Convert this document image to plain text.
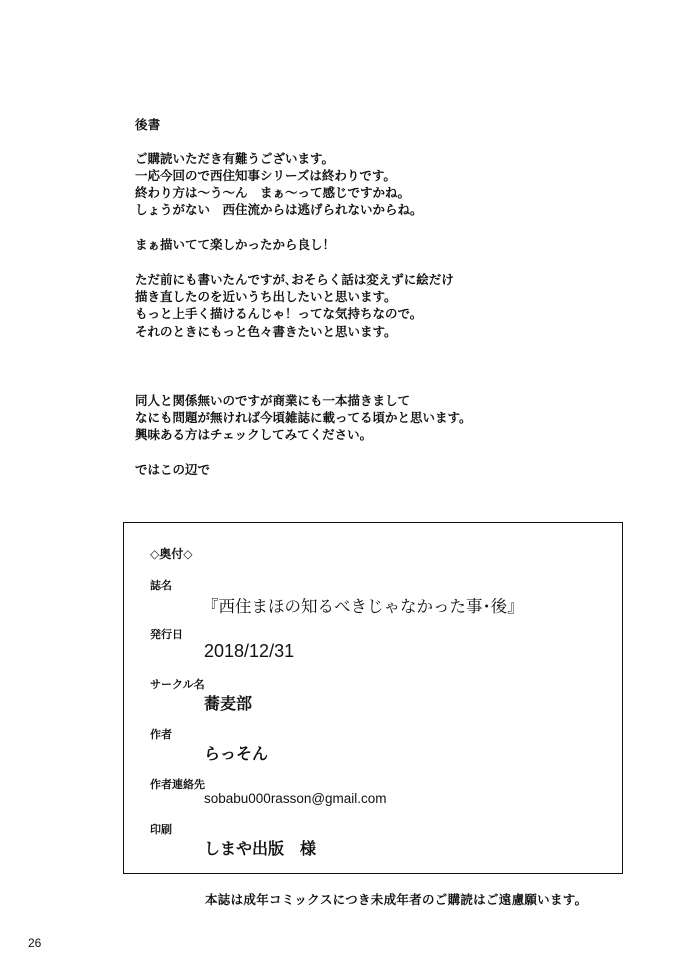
後書
ご購読いただき有難うございます。
一応今回ので西住知事シリーズは終わりです。
終わり方は〜う〜ん　まぁ〜って感じですかね。
しょうがない　西住流からは逃げられないからね。
まぁ描いてて楽しかったから良し！
ただ前にも書いたんですが､おそらく話は変えずに絵だけ
描き直したのを近いうち出したいと思います。
もっと上手く描けるんじゃ！ってな気持ちなので。
それのときにもっと色々書きたいと思います。
同人と関係無いのですが商業にも一本描きまして
なにも問題が無ければ今頃雑誌に載ってる頃かと思います。
興味ある方はチェックしてみてください。
ではこの辺で
◇奥付◇
誌名
『西住まほの知るべきじゃなかった事･後』
発行日
2018/12/31
サークル名
蕎麦部
作者
らっそん
作者連絡先
sobabu000rasson@gmail.com
印刷
しまや出版　様
本誌は成年コミックスにつき未成年者のご購読はご遠慮願います。
26
